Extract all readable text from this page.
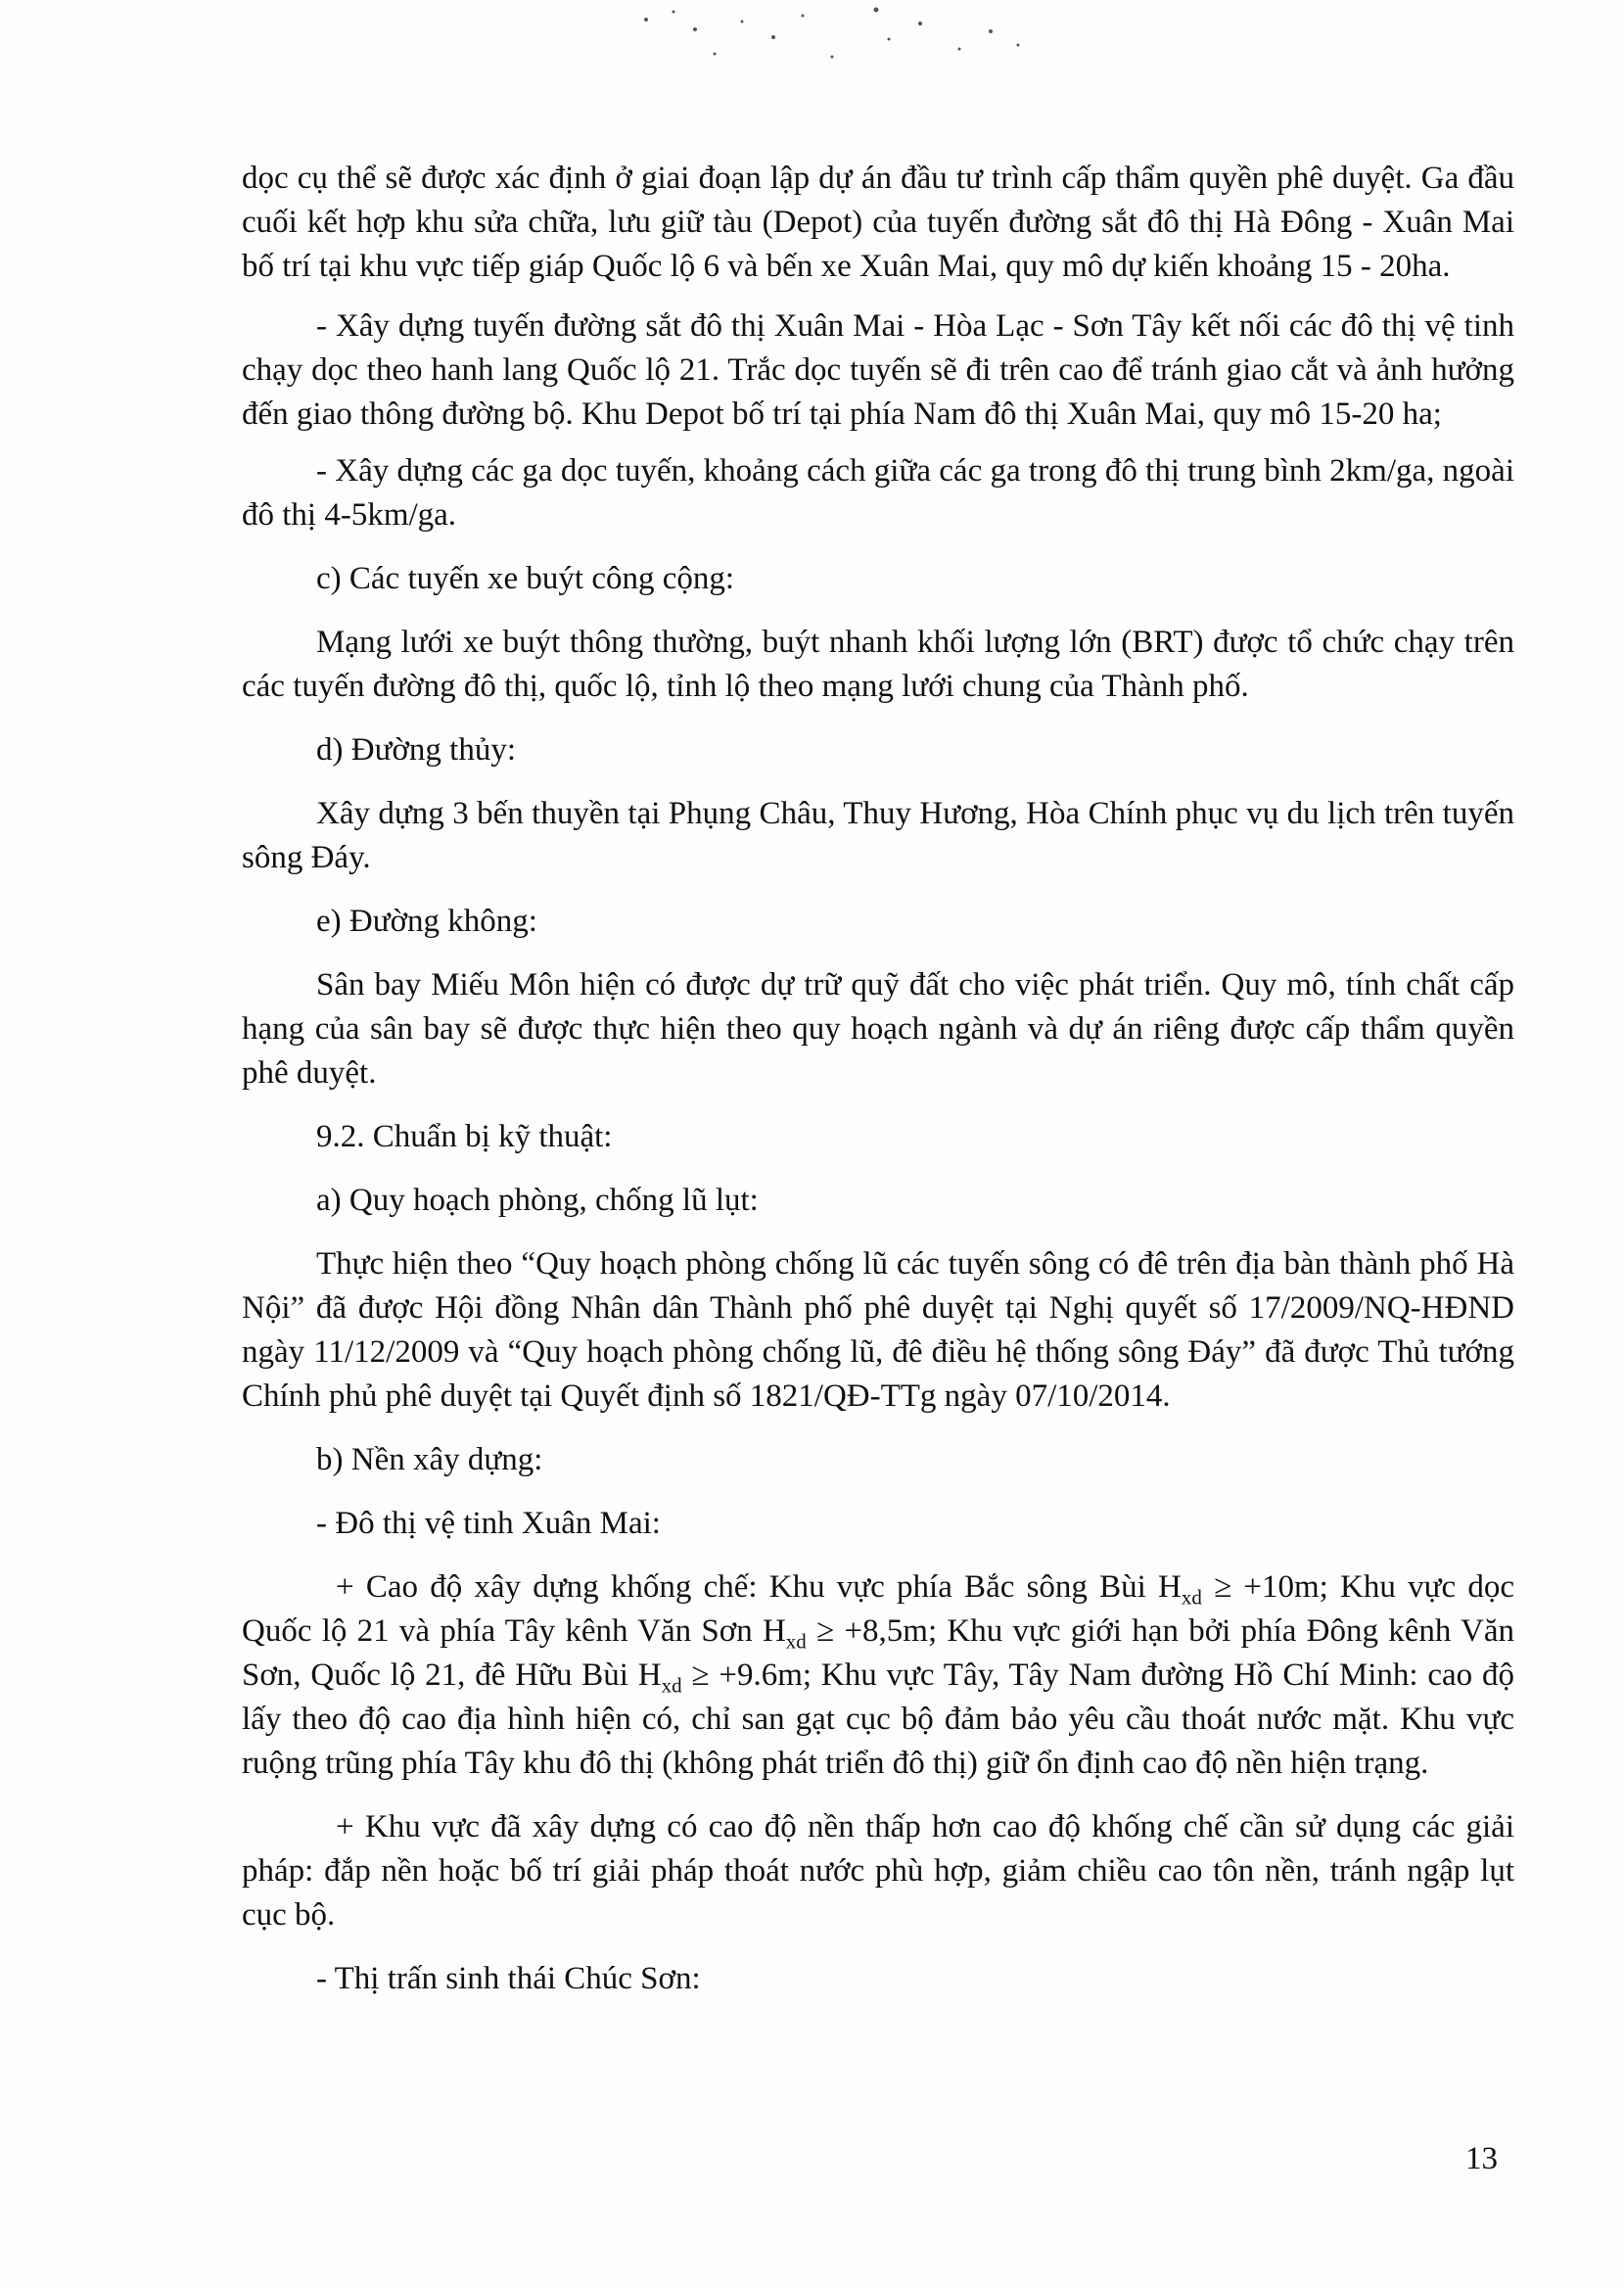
dọc cụ thể sẽ được xác định ở giai đoạn lập dự án đầu tư trình cấp thẩm quyền phê duyệt. Ga đầu cuối kết hợp khu sửa chữa, lưu giữ tàu (Depot) của tuyến đường sắt đô thị Hà Đông - Xuân Mai bố trí tại khu vực tiếp giáp Quốc lộ 6 và bến xe Xuân Mai, quy mô dự kiến khoảng 15 - 20ha.

- Xây dựng tuyến đường sắt đô thị Xuân Mai - Hòa Lạc - Sơn Tây kết nối các đô thị vệ tinh chạy dọc theo hanh lang Quốc lộ 21. Trắc dọc tuyến sẽ đi trên cao để tránh giao cắt và ảnh hưởng đến giao thông đường bộ. Khu Depot bố trí tại phía Nam đô thị Xuân Mai, quy mô 15-20 ha;

- Xây dựng các ga dọc tuyến, khoảng cách giữa các ga trong đô thị trung bình 2km/ga, ngoài đô thị 4-5km/ga.

c) Các tuyến xe buýt công cộng:

Mạng lưới xe buýt thông thường, buýt nhanh khối lượng lớn (BRT) được tổ chức chạy trên các tuyến đường đô thị, quốc lộ, tỉnh lộ theo mạng lưới chung của Thành phố.

d) Đường thủy:

Xây dựng 3 bến thuyền tại Phụng Châu, Thuy Hương, Hòa Chính phục vụ du lịch trên tuyến sông Đáy.

e) Đường không:

Sân bay Miếu Môn hiện có được dự trữ quỹ đất cho việc phát triển. Quy mô, tính chất cấp hạng của sân bay sẽ được thực hiện theo quy hoạch ngành và dự án riêng được cấp thẩm quyền phê duyệt.

9.2. Chuẩn bị kỹ thuật:

a) Quy hoạch phòng, chống lũ lụt:

Thực hiện theo “Quy hoạch phòng chống lũ các tuyến sông có đê trên địa bàn thành phố Hà Nội” đã được Hội đồng Nhân dân Thành phố phê duyệt tại Nghị quyết số 17/2009/NQ-HĐND ngày 11/12/2009 và “Quy hoạch phòng chống lũ, đê điều hệ thống sông Đáy” đã được Thủ tướng Chính phủ phê duyệt tại Quyết định số 1821/QĐ-TTg ngày 07/10/2014.

b) Nền xây dựng:

- Đô thị vệ tinh Xuân Mai:

+ Cao độ xây dựng khống chế: Khu vực phía Bắc sông Bùi $H_{xd} \ge +10m$; Khu vực dọc Quốc lộ 21 và phía Tây kênh Văn Sơn $H_{xd} \ge +8,5m$; Khu vực giới hạn bởi phía Đông kênh Văn Sơn, Quốc lộ 21, đê Hữu Bùi $H_{xd} \ge +9.6m$; Khu vực Tây, Tây Nam đường Hồ Chí Minh: cao độ lấy theo độ cao địa hình hiện có, chỉ san gạt cục bộ đảm bảo yêu cầu thoát nước mặt. Khu vực ruộng trũng phía Tây khu đô thị (không phát triển đô thị) giữ ổn định cao độ nền hiện trạng.

+ Khu vực đã xây dựng có cao độ nền thấp hơn cao độ khống chế cần sử dụng các giải pháp: đắp nền hoặc bố trí giải pháp thoát nước phù hợp, giảm chiều cao tôn nền, tránh ngập lụt cục bộ.

- Thị trấn sinh thái Chúc Sơn:

13
